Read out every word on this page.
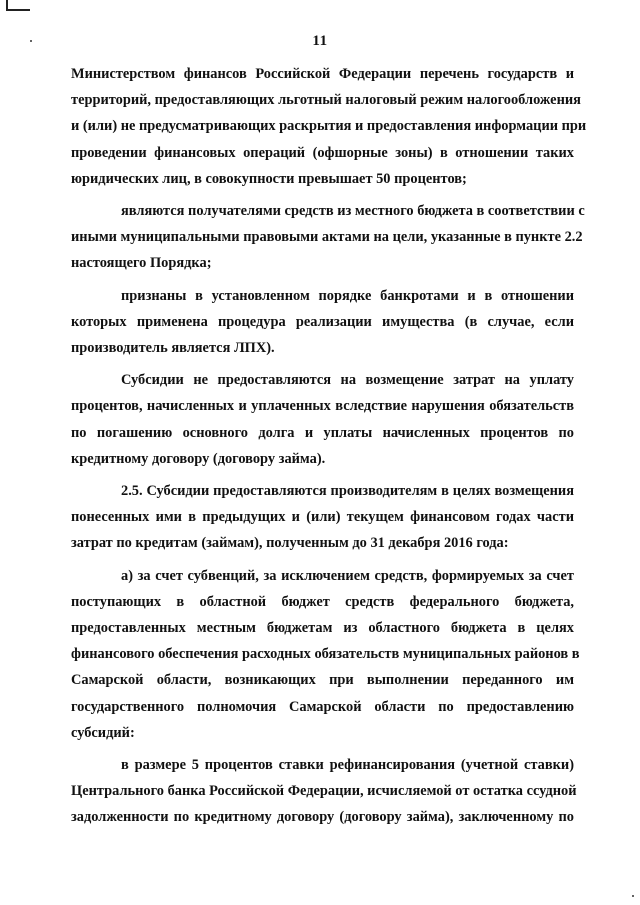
11
Министерством финансов Российской Федерации перечень государств и
территорий, предоставляющих льготный налоговый режим налогообложения
и (или) не предусматривающих раскрытия и предоставления информации при
проведении финансовых операций (офшорные зоны) в отношении таких
юридических лиц, в совокупности превышает 50 процентов;
являются получателями средств из местного бюджета в соответствии с
иными муниципальными правовыми актами на цели, указанные в пункте 2.2
настоящего Порядка;
признаны в установленном порядке банкротами и в отношении
которых применена процедура реализации имущества (в случае, если
производитель является ЛПХ).
Субсидии не предоставляются на возмещение затрат на уплату
процентов, начисленных и уплаченных вследствие нарушения обязательств
по погашению основного долга и уплаты начисленных процентов по
кредитному договору (договору займа).
2.5. Субсидии предоставляются производителям в целях возмещения
понесенных ими в предыдущих и (или) текущем финансовом годах части
затрат по кредитам (займам), полученным до 31 декабря 2016 года:
а) за счет субвенций, за исключением средств, формируемых за счет
поступающих в областной бюджет средств федерального бюджета,
предоставленных местным бюджетам из областного бюджета в целях
финансового обеспечения расходных обязательств муниципальных районов в
Самарской области, возникающих при выполнении переданного им
государственного полномочия Самарской области по предоставлению
субсидий:
в размере 5 процентов ставки рефинансирования (учетной ставки)
Центрального банка Российской Федерации, исчисляемой от остатка ссудной
задолженности по кредитному договору (договору займа), заключенному по
